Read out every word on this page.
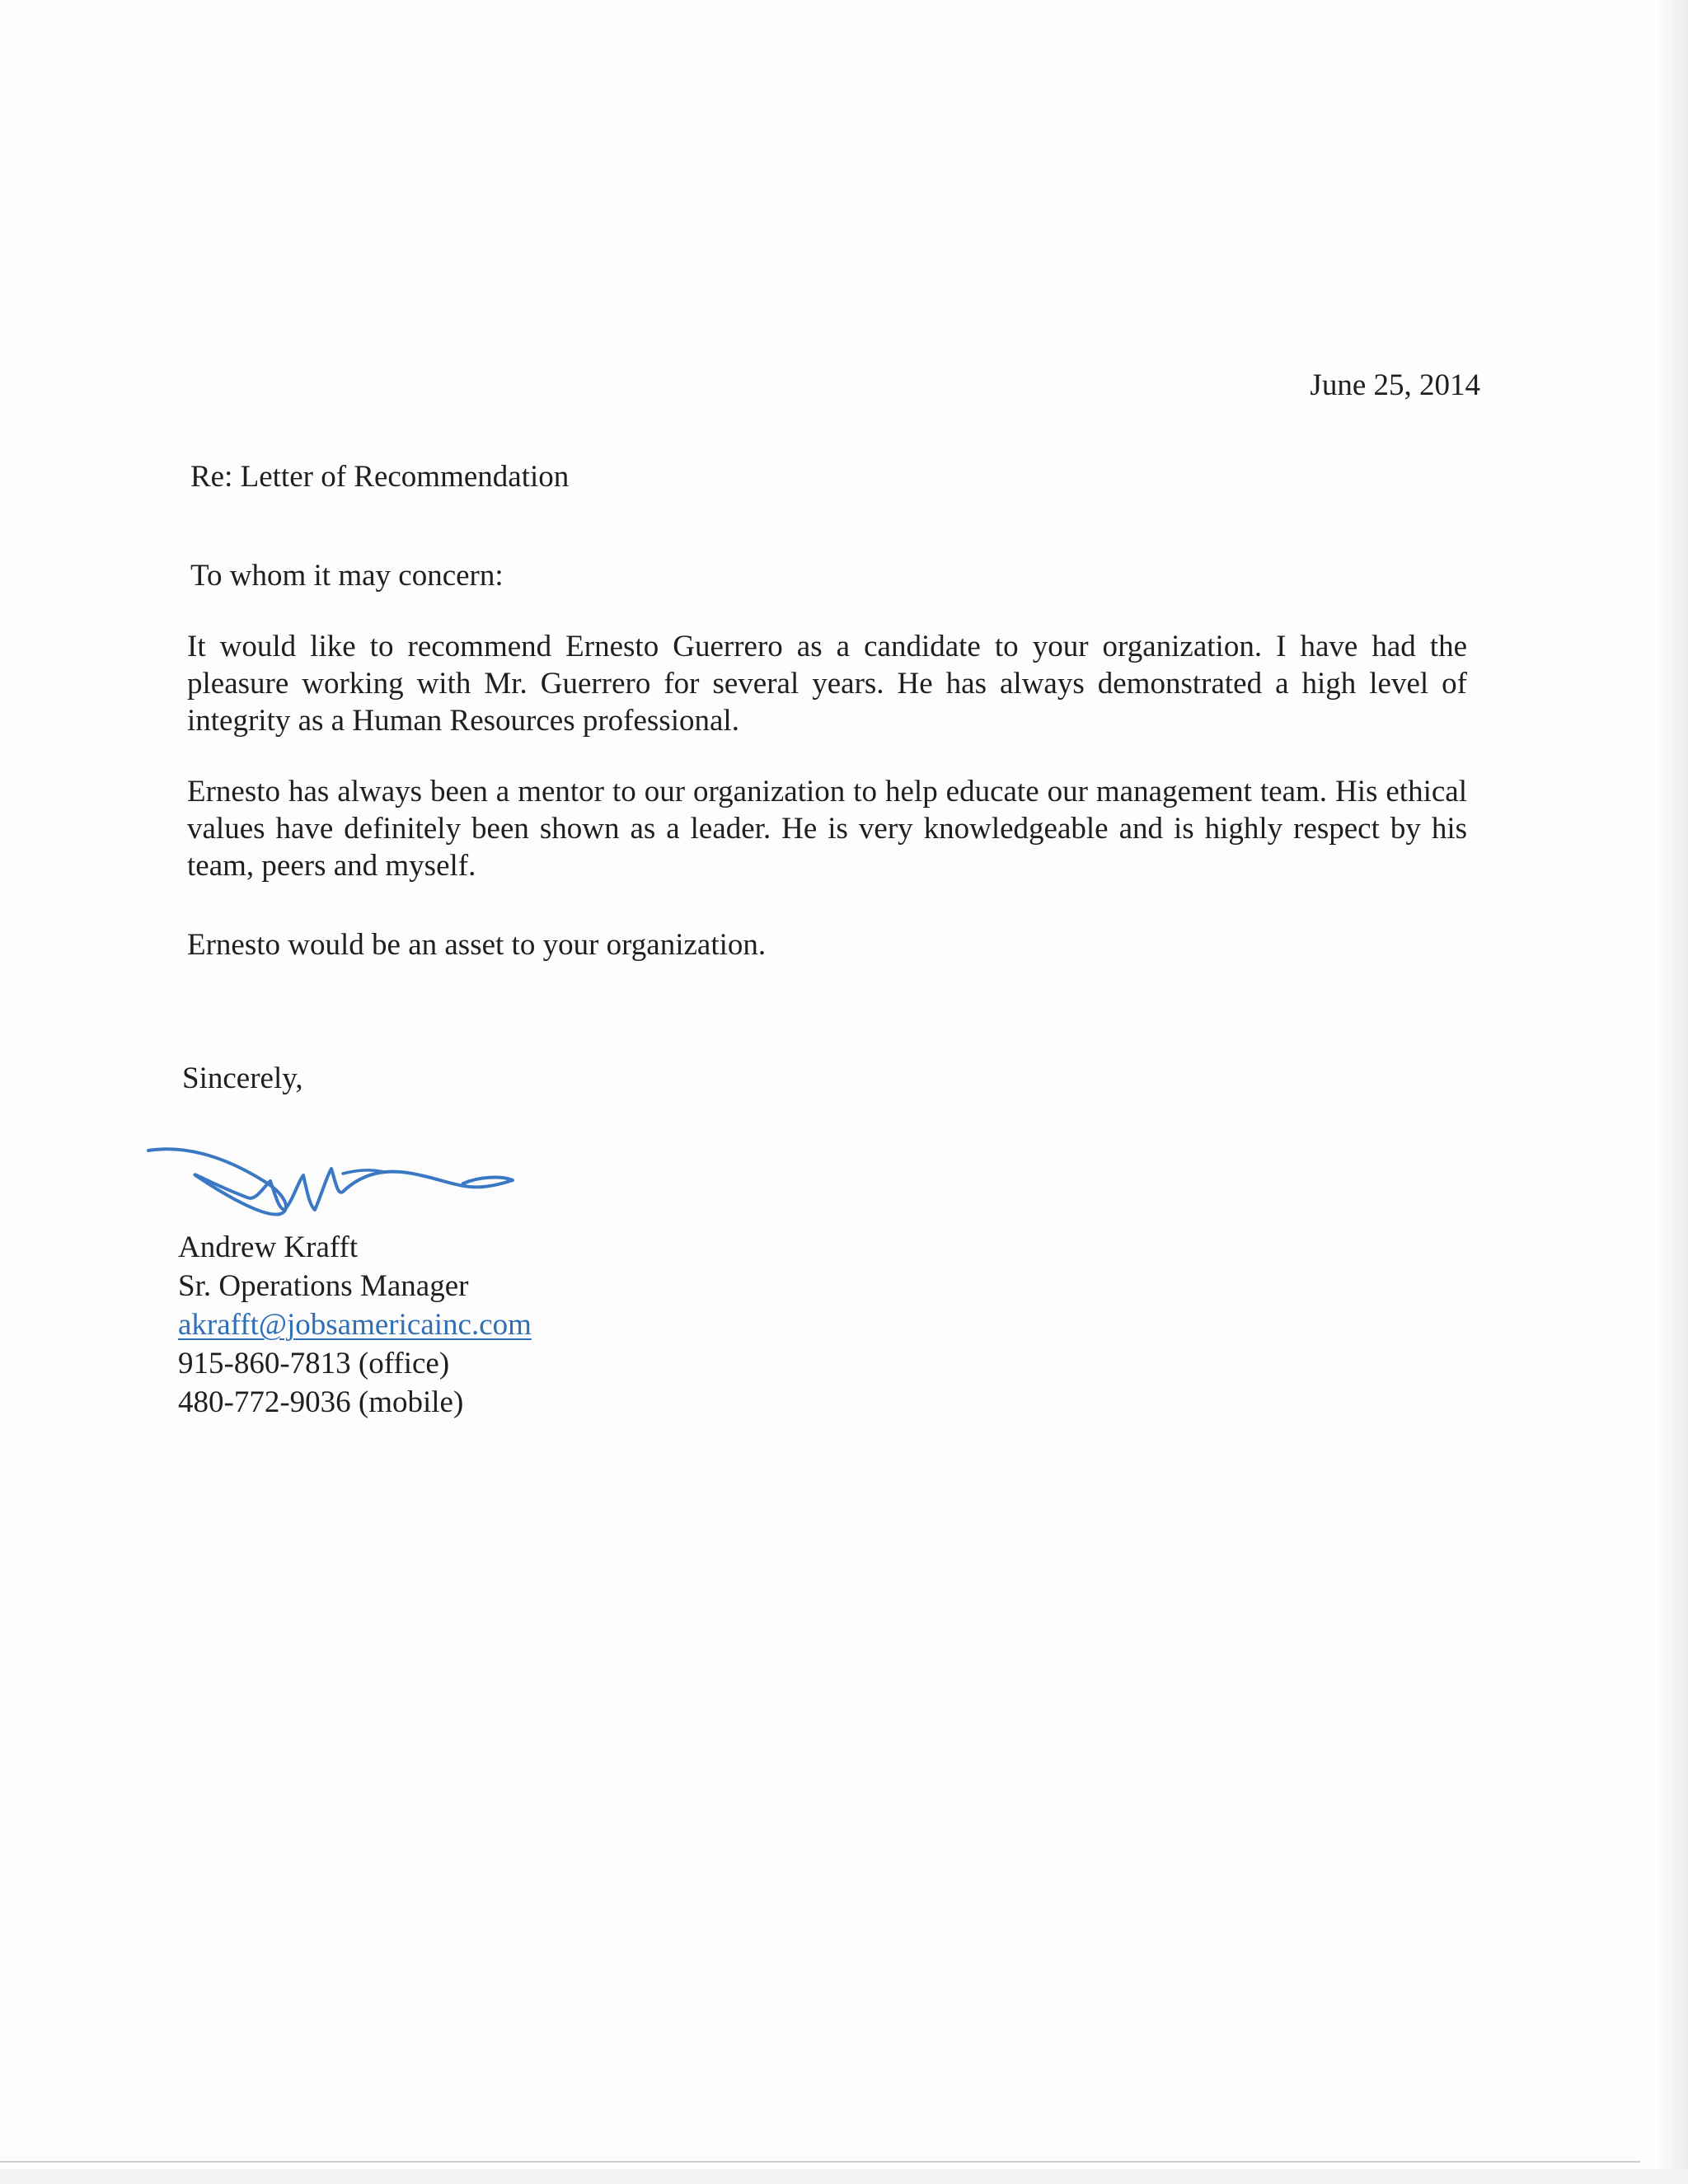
June 25, 2014

Re: Letter of Recommendation

To whom it may concern:

It would like to recommend Ernesto Guerrero as a candidate to your organization. I have had the pleasure working with Mr. Guerrero for several years. He has always demonstrated a high level of integrity as a Human Resources professional.

Ernesto has always been a mentor to our organization to help educate our management team. His ethical values have definitely been shown as a leader. He is very knowledgeable and is highly respect by his team, peers and myself.

Ernesto would be an asset to your organization.

Sincerely,

Andrew Krafft
Sr. Operations Manager
akrafft@jobsamericainc.com
915-860-7813 (office)
480-772-9036 (mobile)
